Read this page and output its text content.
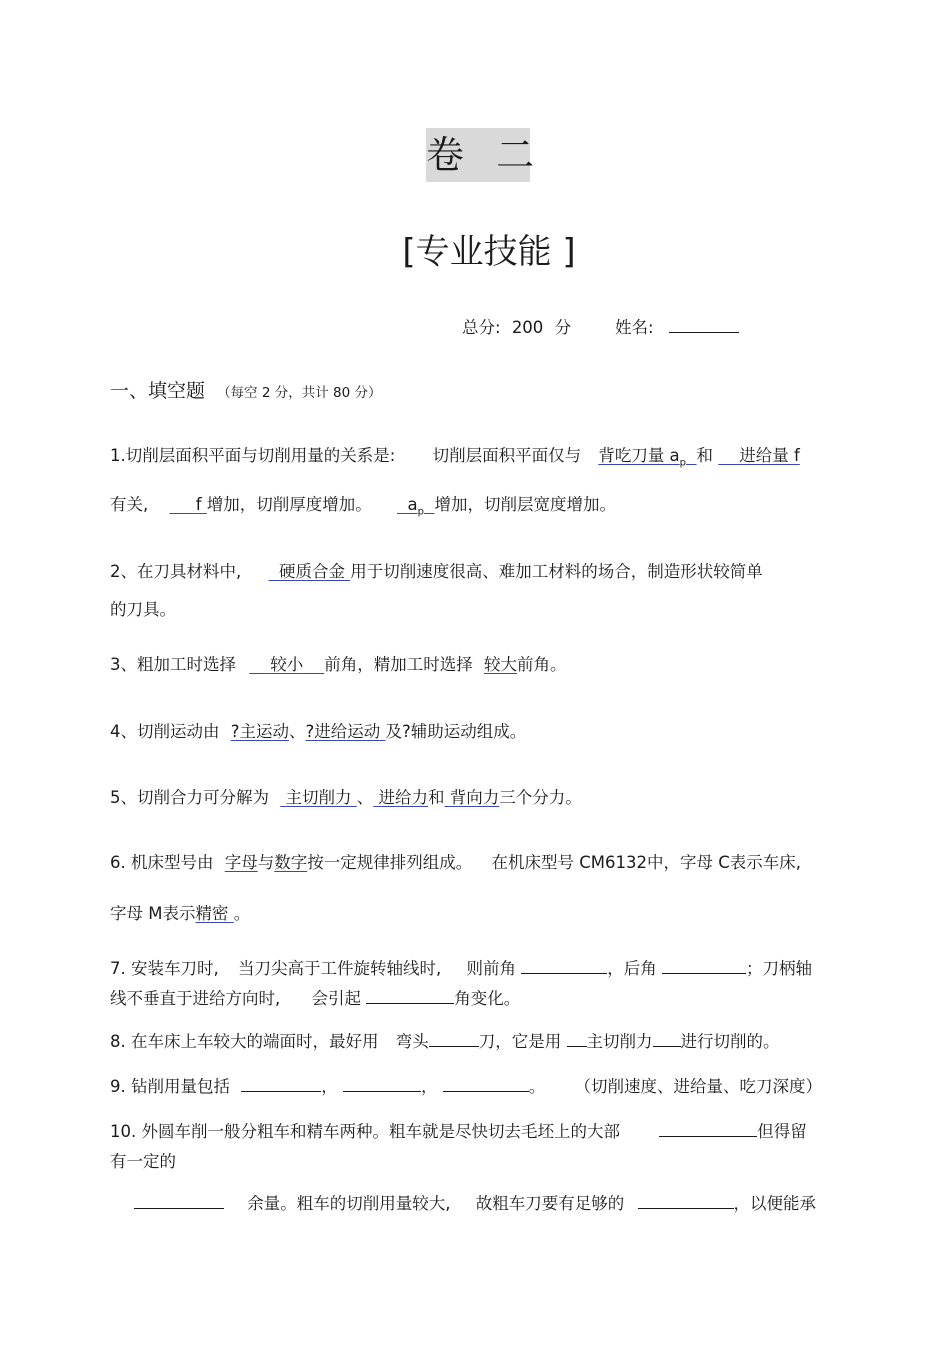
卷 二
[专业技能 ]
总分: 200 分	姓名:
一、填空题 （每空 2 分，共计 80 分）
1.切削层面积平面与切削用量的关系是: 切削层面积平面仅与 背吃刀量 $a_p$ 和 进给量 f
有关,	f 增加，切削厚度增加。 $a_p$ 增加，切削层宽度增加。
2、在刀具材料中, 硬质合金 用于切削速度很高、难加工材料的场合，制造形状较简单
的刀具。
3、粗加工时选择 较小 前角，精加工时选择 较大前角。
4、切削运动由 ?主运动、?进给运动 及?辅助运动组成。
5、切削合力可分解为 主切削力 、 进给力和 背向力三个分力。
6. 机床型号由 字母与数字按一定规律排列组成。 在机床型号 CM6132中，字母 C表示车床,
字母 M表示精密 。
7. 安装车刀时, 当刀尖高于工件旋转轴线时, 则前角	，后角	；刀柄轴
线不垂直于进给方向时, 会引起	角变化。
8. 在车床上车较大的端面时，最好用 弯头	刀，它是用 主切削力 进行切削的。
9. 钻削用量包括	，	，	。 （切削速度、进给量、吃刀深度）
10. 外圆车削一般分粗车和精车两种。粗车就是尽快切去毛坯上的大部	但得留
有一定的
余量。粗车的切削用量较大, 故粗车刀要有足够的	，以便能承
